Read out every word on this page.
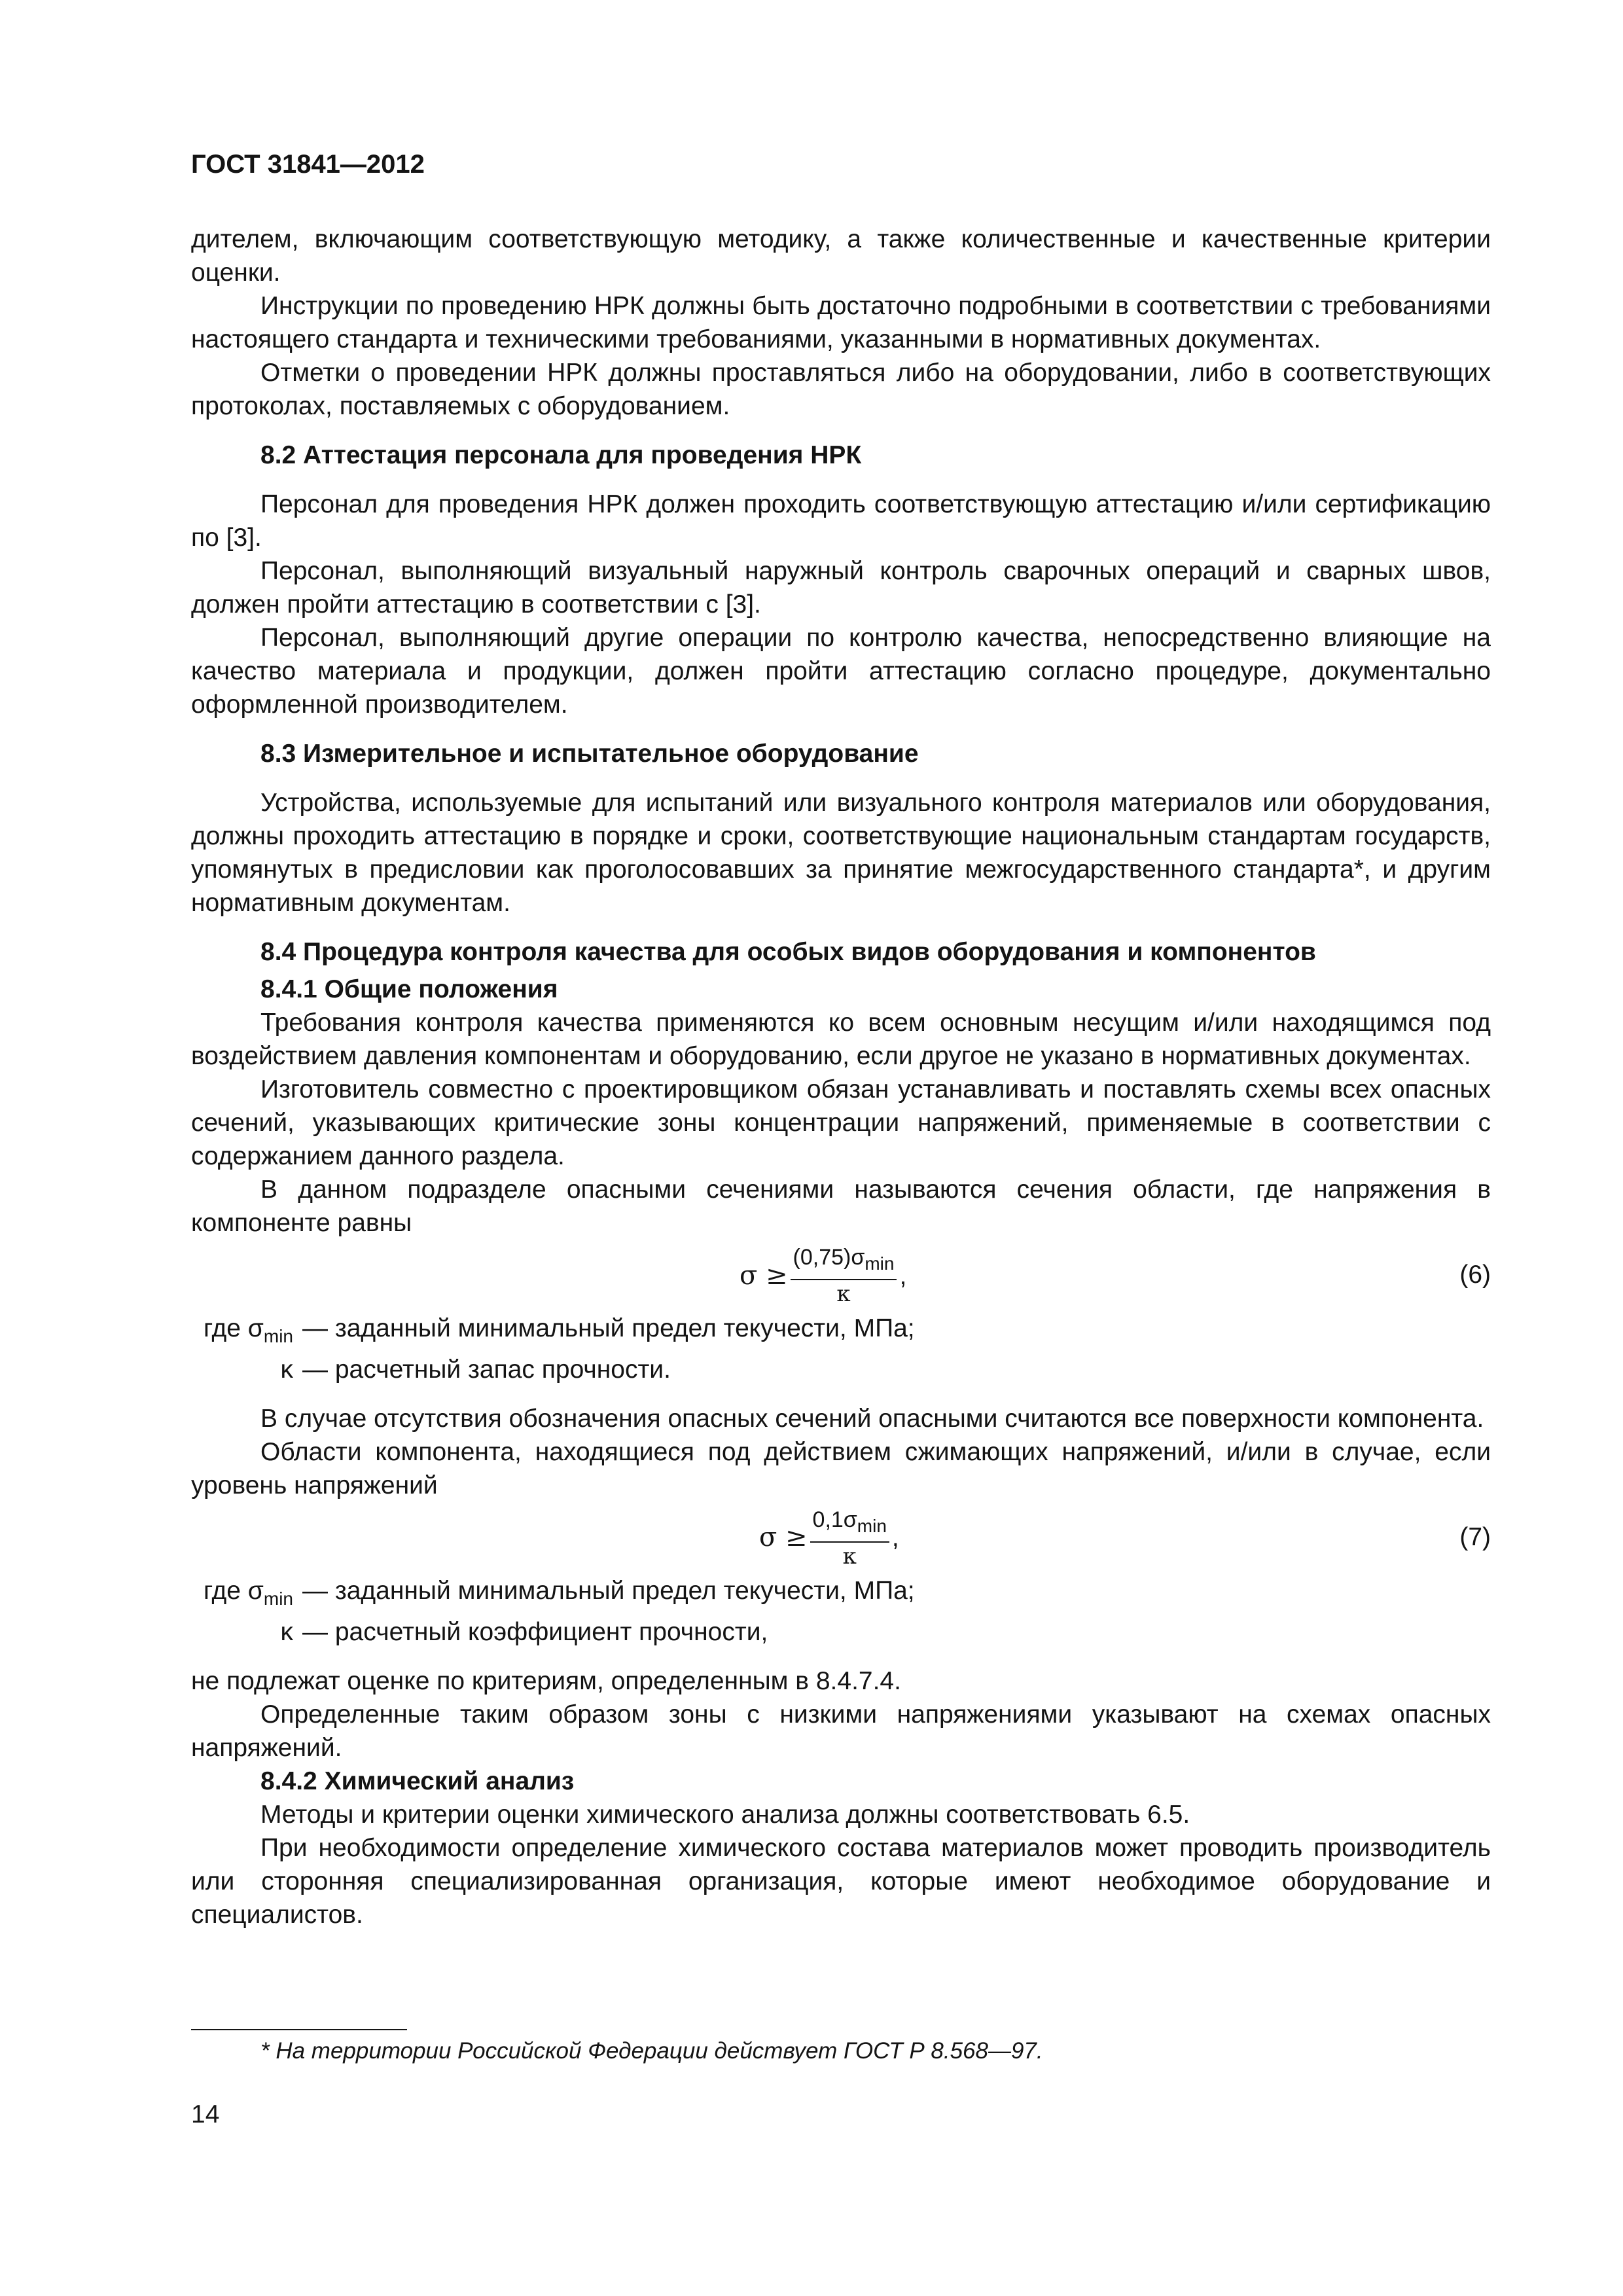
ГОСТ 31841—2012

дителем, включающим соответствующую методику, а также количественные и качественные критерии оценки.

Инструкции по проведению НРК должны быть достаточно подробными в соответствии с требованиями настоящего стандарта и техническими требованиями, указанными в нормативных документах.

Отметки о проведении НРК должны проставляться либо на оборудовании, либо в соответствующих протоколах, поставляемых с оборудованием.

8.2 Аттестация персонала для проведения НРК

Персонал для проведения НРК должен проходить соответствующую аттестацию и/или сертификацию по [3].

Персонал, выполняющий визуальный наружный контроль сварочных операций и сварных швов, должен пройти аттестацию в соответствии с [3].

Персонал, выполняющий другие операции по контролю качества, непосредственно влияющие на качество материала и продукции, должен пройти аттестацию согласно процедуре, документально оформленной производителем.

8.3 Измерительное и испытательное оборудование

Устройства, используемые для испытаний или визуального контроля материалов или оборудования, должны проходить аттестацию в порядке и сроки, соответствующие национальным стандартам государств, упомянутых в предисловии как проголосовавших за принятие межгосударственного стандарта*, и другим нормативным документам.

8.4 Процедура контроля качества для особых видов оборудования и компонентов

8.4.1 Общие положения

Требования контроля качества применяются ко всем основным несущим и/или находящимся под воздействием давления компонентам и оборудованию, если другое не указано в нормативных документах.

Изготовитель совместно с проектировщиком обязан устанавливать и поставлять схемы всех опасных сечений, указывающих критические зоны концентрации напряжений, применяемые в соответствии с содержанием данного раздела.

В данном подразделе опасными сечениями называются сечения области, где напряжения в компоненте равны

$\sigma \ge \frac{(0,75)\sigma_{min}}{\kappa}$ ,	(6)
где $\sigma_{min}$ — заданный минимальный предел текучести, МПа;
κ — расчетный запас прочности.

В случае отсутствия обозначения опасных сечений опасными считаются все поверхности компонента.

Области компонента, находящиеся под действием сжимающих напряжений, и/или в случае, если уровень напряжений

$\sigma \ge \frac{0,1\sigma_{min}}{\kappa}$ ,	(7)
где $\sigma_{min}$ — заданный минимальный предел текучести, МПа;
κ — расчетный коэффициент прочности,

не подлежат оценке по критериям, определенным в 8.4.7.4.

Определенные таким образом зоны с низкими напряжениями указывают на схемах опасных напряжений.

8.4.2 Химический анализ

Методы и критерии оценки химического анализа должны соответствовать 6.5.

При необходимости определение химического состава материалов может проводить производитель или сторонняя специализированная организация, которые имеют необходимое оборудование и специалистов.

* На территории Российской Федерации действует ГОСТ Р 8.568—97.
14
